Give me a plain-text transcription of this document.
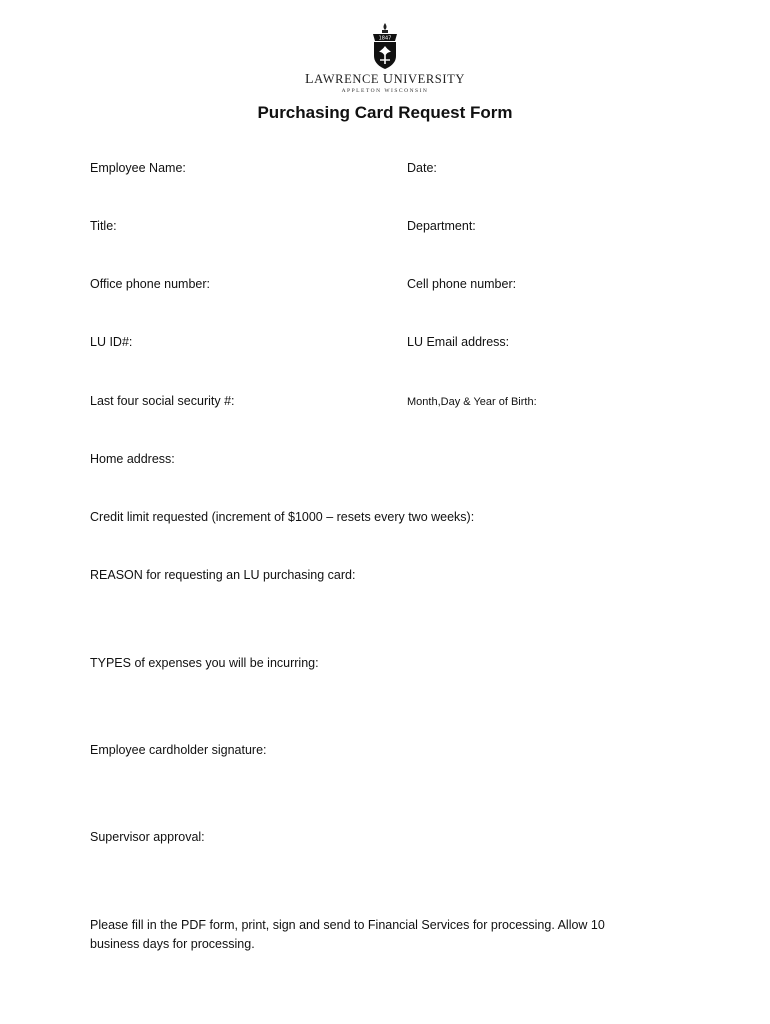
1847
LAWRENCE UNIVERSITY
APPLETON WISCONSIN
Purchasing Card Request Form
Employee Name:	Date:
Title:	Department:
Office phone number:	Cell phone number:
LU ID#:	LU Email address:
Last four social security #:	Month,Day & Year of Birth:
Home address:
Credit limit requested (increment of $1000 – resets every two weeks):
REASON for requesting an LU purchasing card:
TYPES of expenses you will be incurring:
Employee cardholder signature:
Supervisor approval:
Please fill in the PDF form, print, sign and send to Financial Services for processing. Allow 10 business days for processing.
